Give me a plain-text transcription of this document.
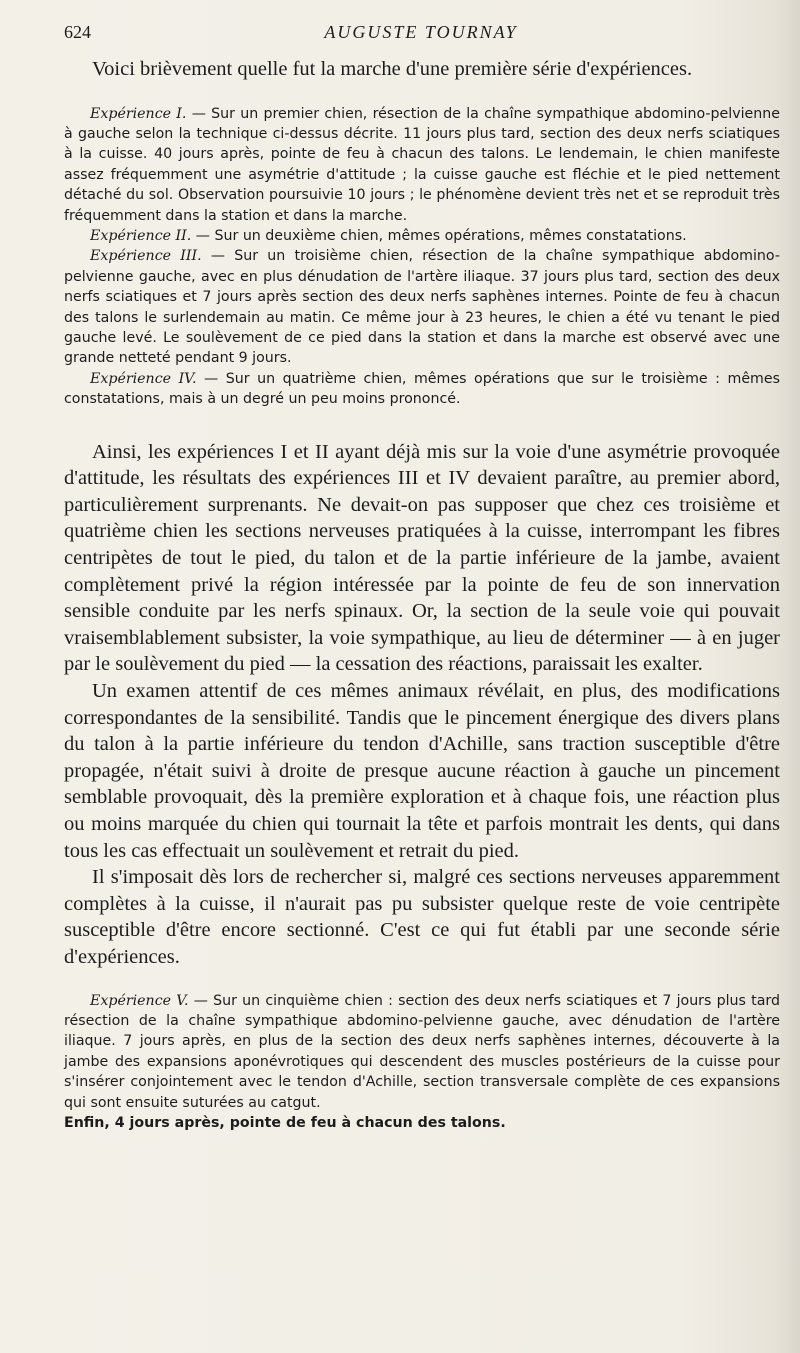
624	AUGUSTE TOURNAY

Voici brièvement quelle fut la marche d'une première série d'expériences.

Expérience I. — Sur un premier chien, résection de la chaîne sympathique abdomino-pelvienne à gauche selon la technique ci-dessus décrite. 11 jours plus tard, section des deux nerfs sciatiques à la cuisse. 40 jours après, pointe de feu à chacun des talons. Le lendemain, le chien manifeste assez fréquemment une asymétrie d'attitude ; la cuisse gauche est fléchie et le pied nettement détaché du sol. Observation poursuivie 10 jours ; le phénomène devient très net et se reproduit très fréquemment dans la station et dans la marche.

Expérience II. — Sur un deuxième chien, mêmes opérations, mêmes constatations.

Expérience III. — Sur un troisième chien, résection de la chaîne sympathique abdomino-pelvienne gauche, avec en plus dénudation de l'artère iliaque. 37 jours plus tard, section des deux nerfs sciatiques et 7 jours après section des deux nerfs saphènes internes. Pointe de feu à chacun des talons le surlendemain au matin. Ce même jour à 23 heures, le chien a été vu tenant le pied gauche levé. Le soulèvement de ce pied dans la station et dans la marche est observé avec une grande netteté pendant 9 jours.

Expérience IV. — Sur un quatrième chien, mêmes opérations que sur le troisième : mêmes constatations, mais à un degré un peu moins prononcé.

Ainsi, les expériences I et II ayant déjà mis sur la voie d'une asymétrie provoquée d'attitude, les résultats des expériences III et IV devaient paraître, au premier abord, particulièrement surprenants. Ne devait-on pas supposer que chez ces troisième et quatrième chien les sections nerveuses pratiquées à la cuisse, interrompant les fibres centripètes de tout le pied, du talon et de la partie inférieure de la jambe, avaient complètement privé la région intéressée par la pointe de feu de son innervation sensible conduite par les nerfs spinaux. Or, la section de la seule voie qui pouvait vraisemblablement subsister, la voie sympathique, au lieu de déterminer — à en juger par le soulèvement du pied — la cessation des réactions, paraissait les exalter.

Un examen attentif de ces mêmes animaux révélait, en plus, des modifications correspondantes de la sensibilité. Tandis que le pincement énergique des divers plans du talon à la partie inférieure du tendon d'Achille, sans traction susceptible d'être propagée, n'était suivi à droite de presque aucune réaction à gauche un pincement semblable provoquait, dès la première exploration et à chaque fois, une réaction plus ou moins marquée du chien qui tournait la tête et parfois montrait les dents, qui dans tous les cas effectuait un soulèvement et retrait du pied.

Il s'imposait dès lors de rechercher si, malgré ces sections nerveuses apparemment complètes à la cuisse, il n'aurait pas pu subsister quelque reste de voie centripète susceptible d'être encore sectionné. C'est ce qui fut établi par une seconde série d'expériences.

Expérience V. — Sur un cinquième chien : section des deux nerfs sciatiques et 7 jours plus tard résection de la chaîne sympathique abdomino-pelvienne gauche, avec dénudation de l'artère iliaque. 7 jours après, en plus de la section des deux nerfs saphènes internes, découverte à la jambe des expansions aponévrotiques qui descendent des muscles postérieurs de la cuisse pour s'insérer conjointement avec le tendon d'Achille, section transversale complète de ces expansions qui sont ensuite suturées au catgut.

Enfin, 4 jours après, pointe de feu à chacun des talons.
